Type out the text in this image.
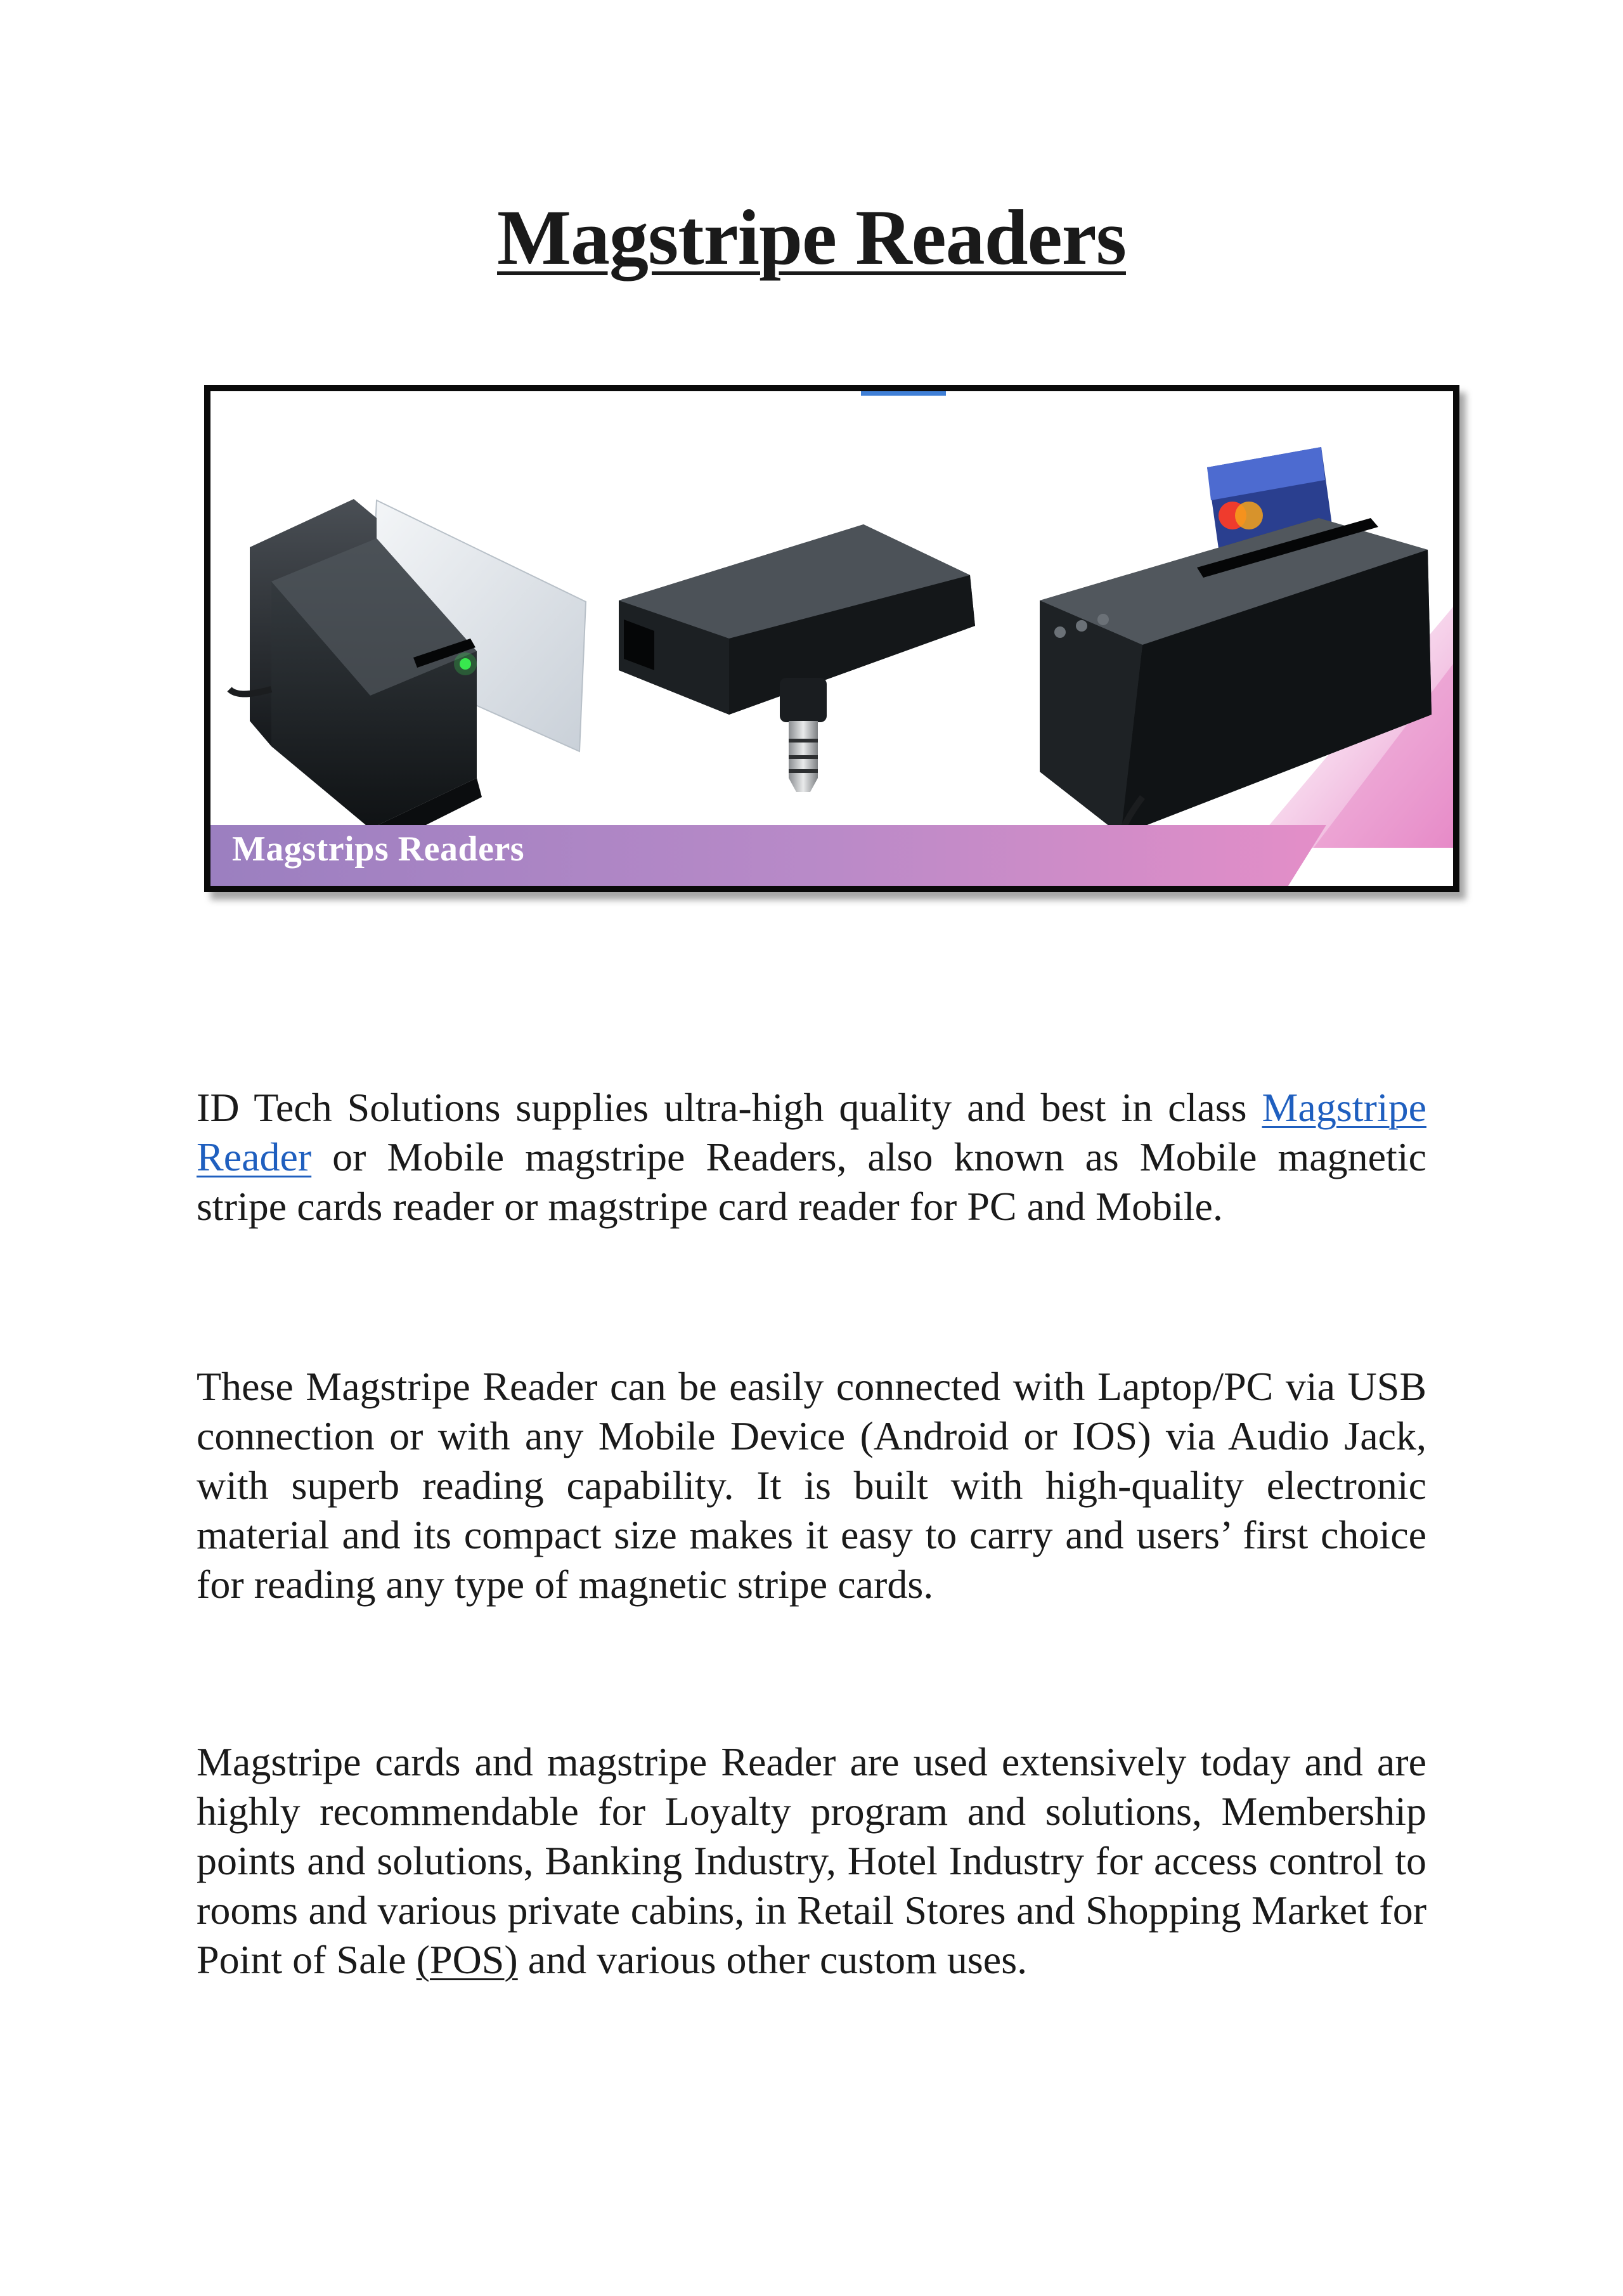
Magstripe Readers
Magstrips Readers

ID Tech Solutions supplies ultra-high quality and best in class Magstripe Reader or Mobile magstripe Readers, also known as Mobile magnetic stripe cards reader or magstripe card reader for PC and Mobile.

These Magstripe Reader can be easily connected with Laptop/PC via USB connection or with any Mobile Device (Android or IOS) via Audio Jack, with superb reading capability. It is built with high-quality electronic material and its compact size makes it easy to carry and users’ first choice for reading any type of magnetic stripe cards.

Magstripe cards and magstripe Reader are used extensively today and are highly recommendable for Loyalty program and solutions, Membership points and solutions, Banking Industry, Hotel Industry for access control to rooms and various private cabins, in Retail Stores and Shopping Market for Point of Sale (POS) and various other custom uses.
